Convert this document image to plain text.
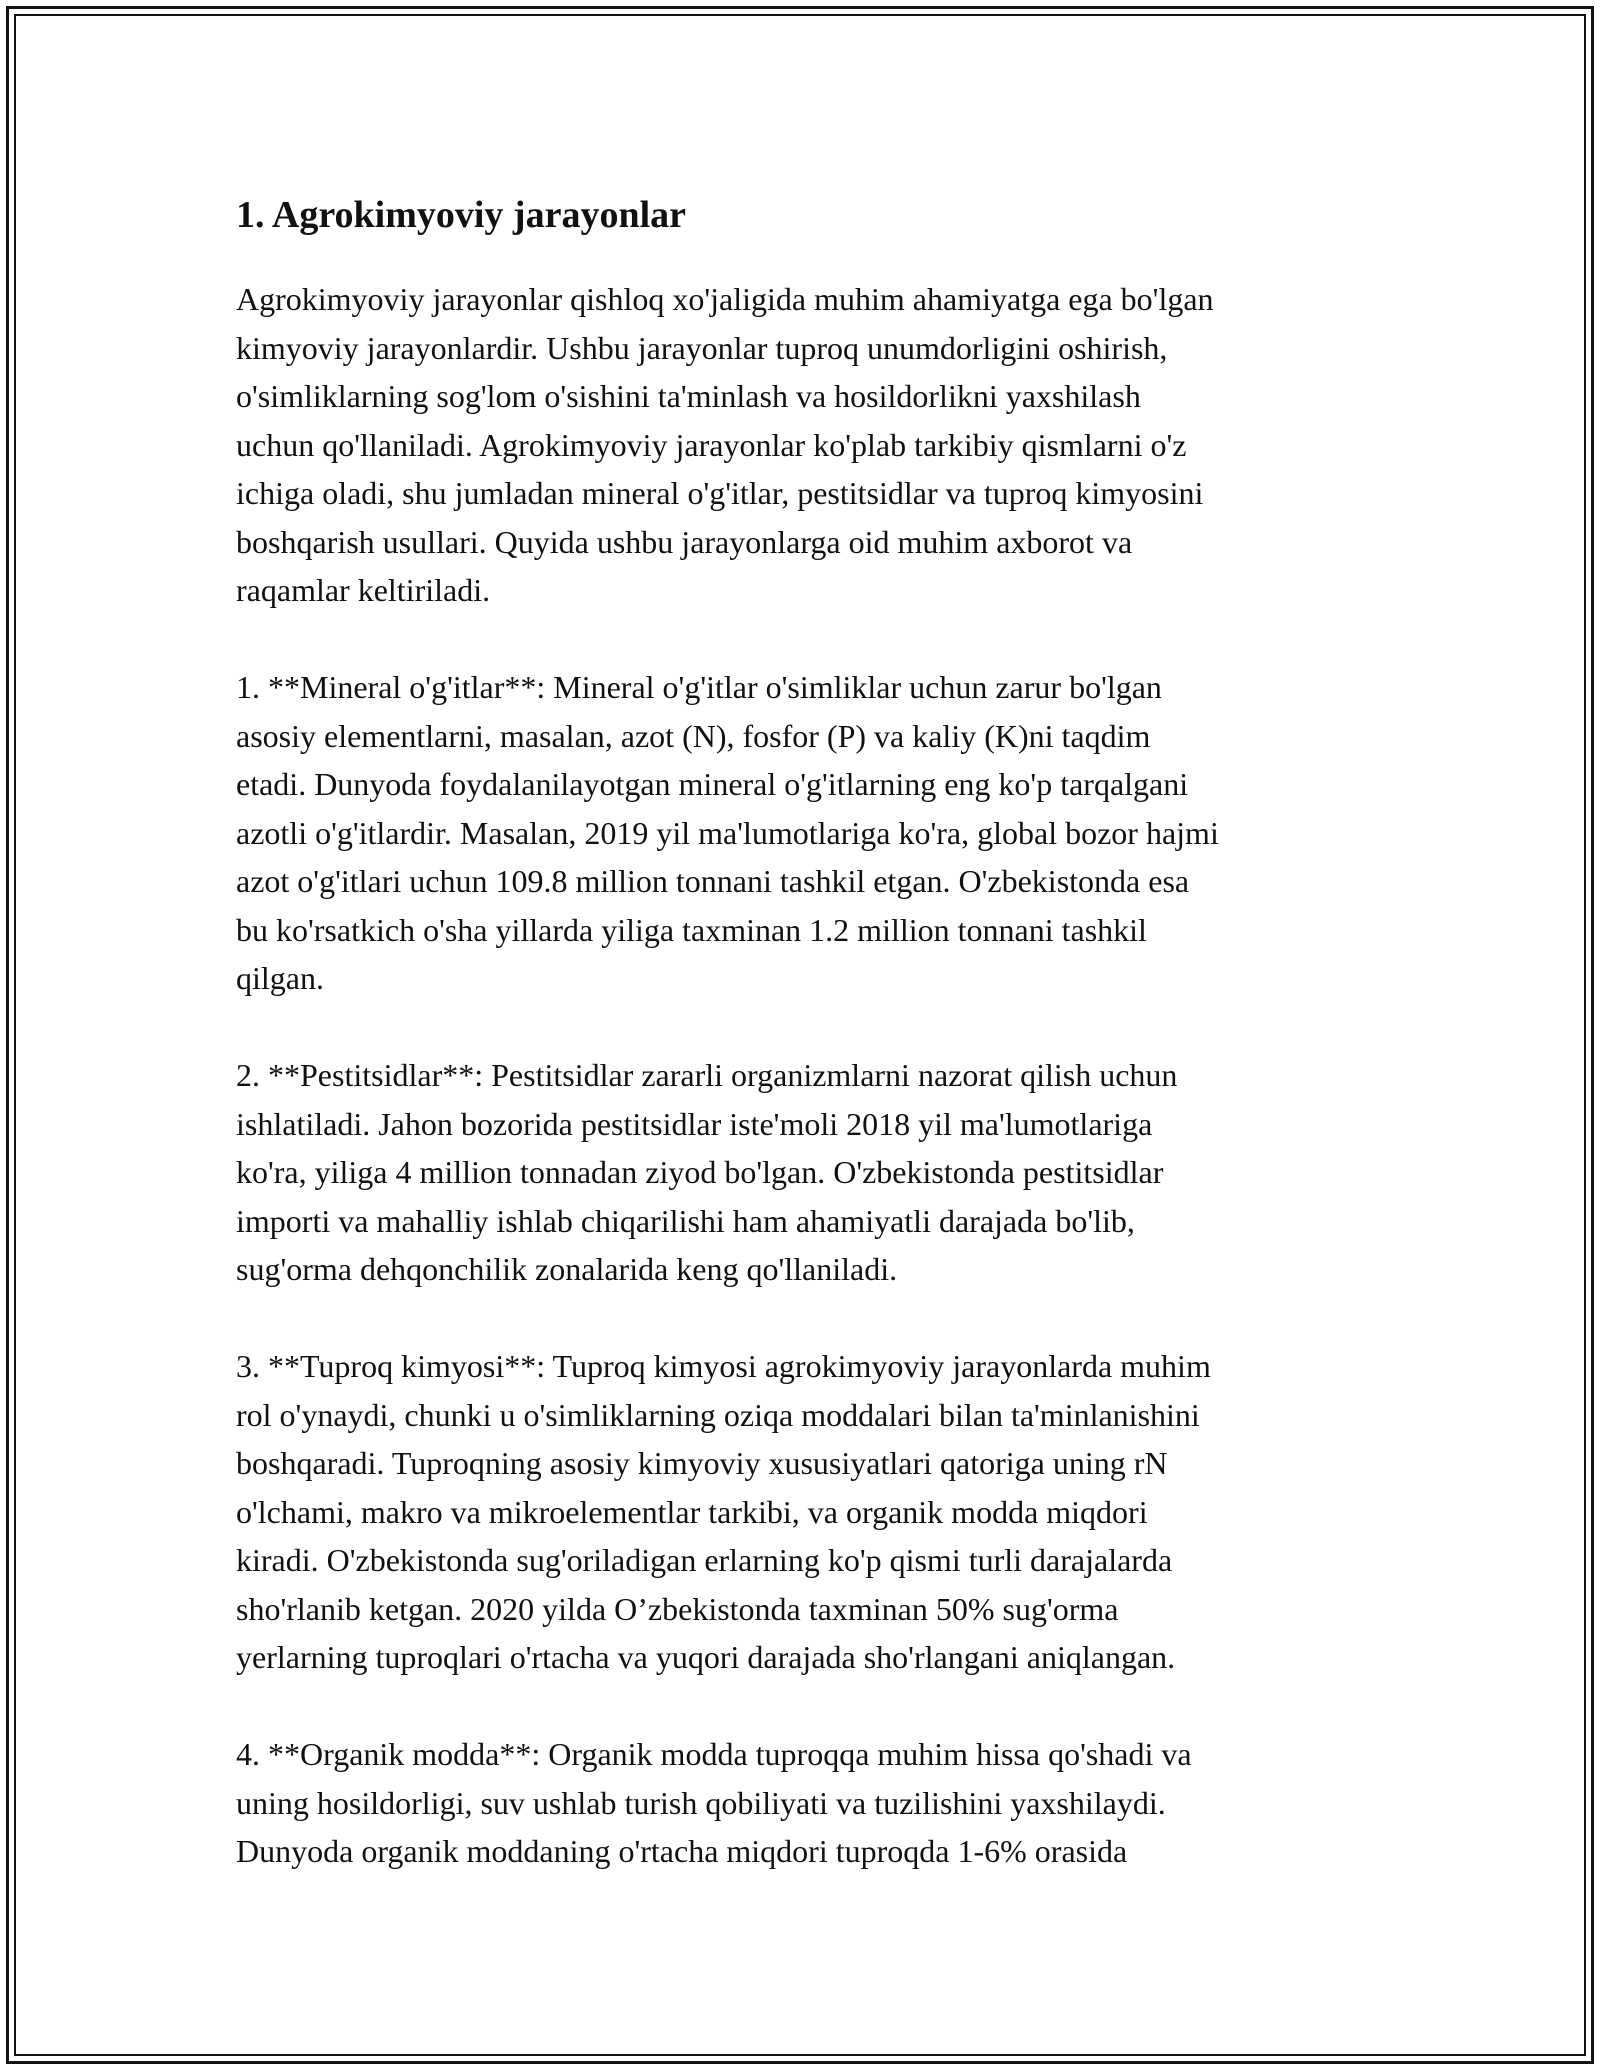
1. Agrokimyoviy jarayonlar

Agrokimyoviy jarayonlar qishloq xo'jaligida muhim ahamiyatga ega bo'lgan
kimyoviy jarayonlardir. Ushbu jarayonlar tuproq unumdorligini oshirish,
o'simliklarning sog'lom o'sishini ta'minlash va hosildorlikni yaxshilash
uchun qo'llaniladi. Agrokimyoviy jarayonlar ko'plab tarkibiy qismlarni o'z
ichiga oladi, shu jumladan mineral o'g'itlar, pestitsidlar va tuproq kimyosini
boshqarish usullari. Quyida ushbu jarayonlarga oid muhim axborot va
raqamlar keltiriladi.

1. **Mineral o'g'itlar**: Mineral o'g'itlar o'simliklar uchun zarur bo'lgan
asosiy elementlarni, masalan, azot (N), fosfor (P) va kaliy (K)ni taqdim
etadi. Dunyoda foydalanilayotgan mineral o'g'itlarning eng ko'p tarqalgani
azotli o'g'itlardir. Masalan, 2019 yil ma'lumotlariga ko'ra, global bozor hajmi
azot o'g'itlari uchun 109.8 million tonnani tashkil etgan. O'zbekistonda esa
bu ko'rsatkich o'sha yillarda yiliga taxminan 1.2 million tonnani tashkil
qilgan.

2. **Pestitsidlar**: Pestitsidlar zararli organizmlarni nazorat qilish uchun
ishlatiladi. Jahon bozorida pestitsidlar iste'moli 2018 yil ma'lumotlariga
ko'ra, yiliga 4 million tonnadan ziyod bo'lgan. O'zbekistonda pestitsidlar
importi va mahalliy ishlab chiqarilishi ham ahamiyatli darajada bo'lib,
sug'orma dehqonchilik zonalarida keng qo'llaniladi.

3. **Tuproq kimyosi**: Tuproq kimyosi agrokimyoviy jarayonlarda muhim
rol o'ynaydi, chunki u o'simliklarning oziqa moddalari bilan ta'minlanishini
boshqaradi. Tuproqning asosiy kimyoviy xususiyatlari qatoriga uning rN
o'lchami, makro va mikroelementlar tarkibi, va organik modda miqdori
kiradi. O'zbekistonda sug'oriladigan erlarning ko'p qismi turli darajalarda
sho'rlanib ketgan. 2020 yilda O’zbekistonda taxminan 50% sug'orma
yerlarning tuproqlari o'rtacha va yuqori darajada sho'rlangani aniqlangan.

4. **Organik modda**: Organik modda tuproqqa muhim hissa qo'shadi va
uning hosildorligi, suv ushlab turish qobiliyati va tuzilishini yaxshilaydi.
Dunyoda organik moddaning o'rtacha miqdori tuproqda 1-6% orasida
